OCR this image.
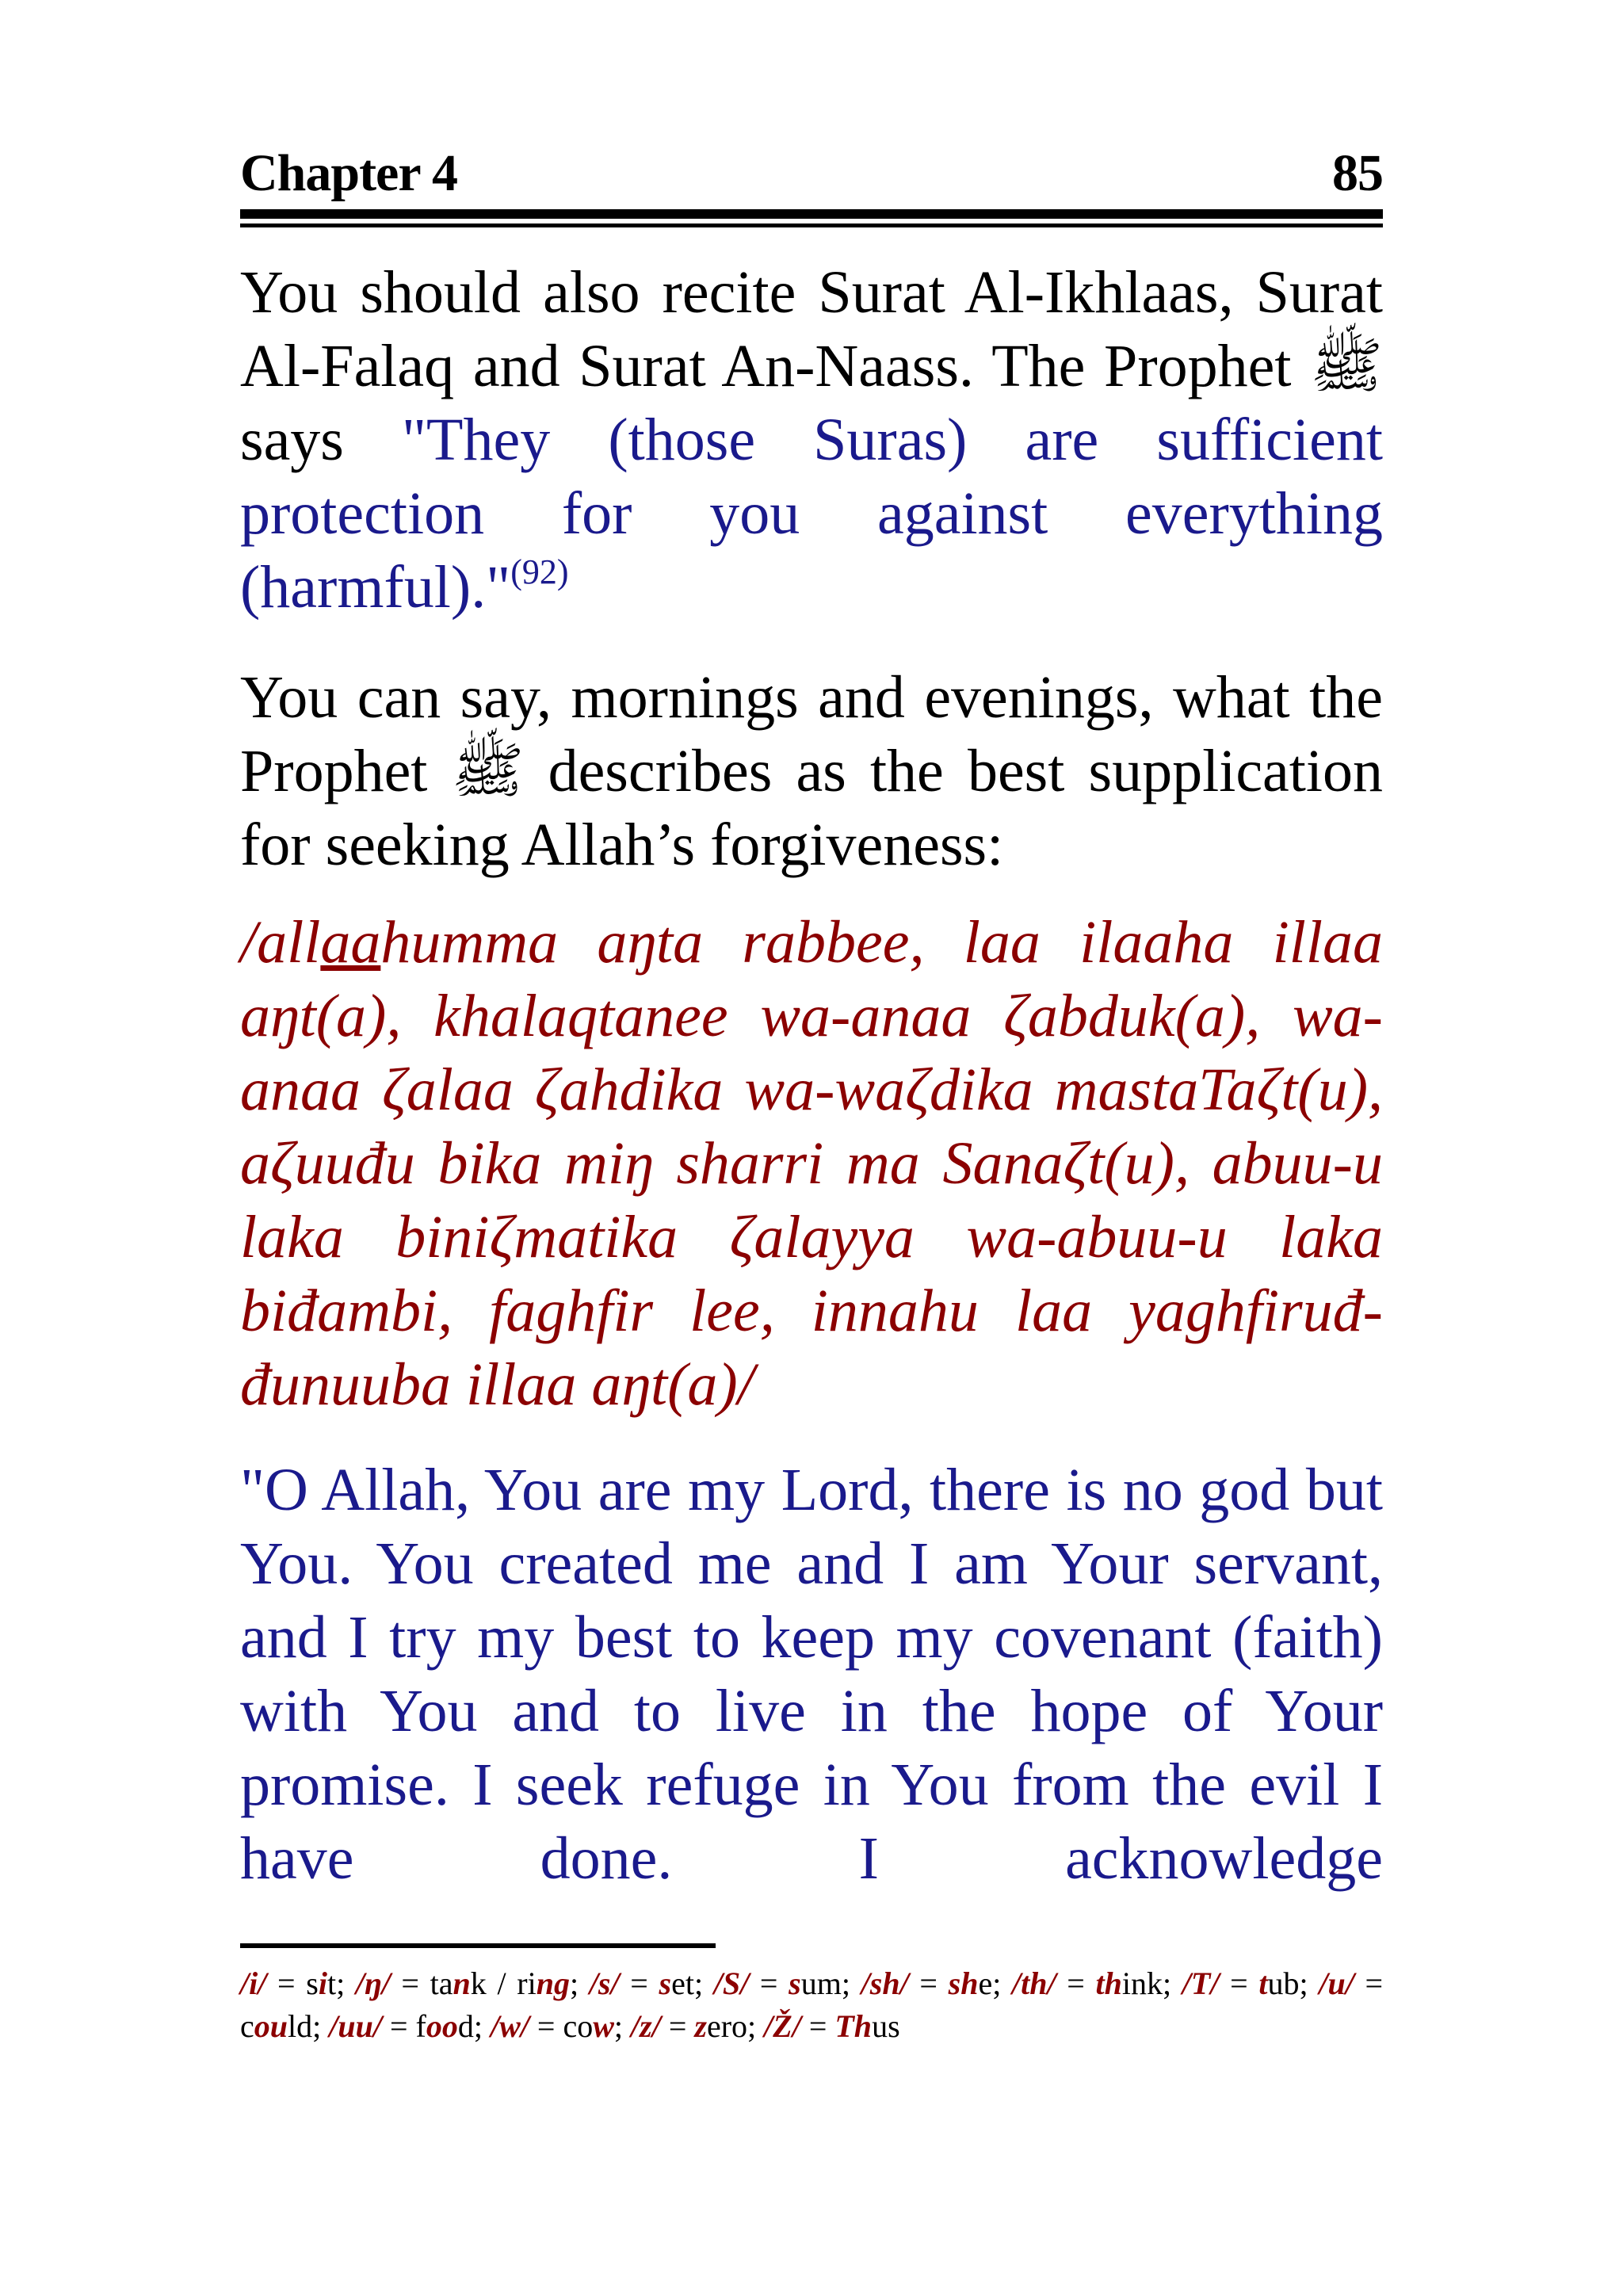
Chapter 4	85

You should also recite Surat Al-Ikhlaas, Surat Al-Falaq and Surat An-Naass. The Prophet ﷺ says "They (those Suras) are sufficient protection for you against everything (harmful)."$^{(92)}$

You can say, mornings and evenings, what the Prophet ﷺ describes as the best supplication for seeking Allah’s forgiveness:

/allaahumma aŋta rabbee, laa ilaaha illaa aŋt(a), khalaqtanee wa-anaa ζabduk(a), wa-anaa ζalaa ζahdika wa-waζdika mastaTaζt(u), aζuuđu bika miŋ sharri ma Sanaζt(u), abuu-u laka biniζmatika ζalayya wa-abuu-u laka biđambi, faghfir lee, innahu laa yaghfiruđ-đunuuba illaa aŋt(a)/

"O Allah, You are my Lord, there is no god but You. You created me and I am Your servant, and I try my best to keep my covenant (faith) with You and to live in the hope of Your promise. I seek refuge in You from the evil I have done. I acknowledge

/i/ = sit; /ŋ/ = tank / ring; /s/ = set; /S/ = sum; /sh/ = she; /th/ = think; /T/ = tub; /u/ = could; /uu/ = food; /w/ = cow; /z/ = zero; /Ž/ = Thus
